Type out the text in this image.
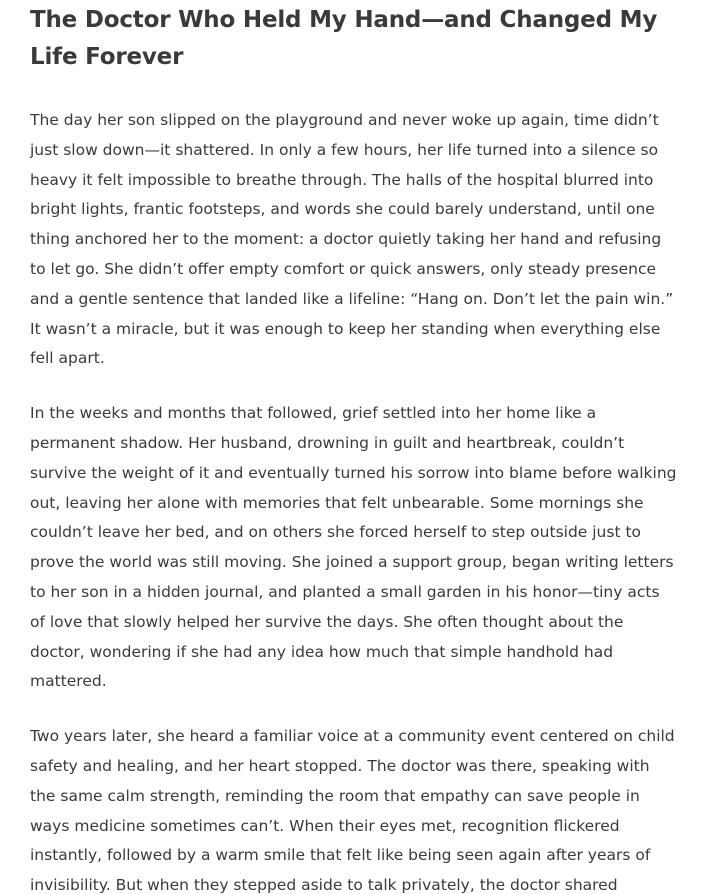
The Doctor Who Held My Hand—and Changed My Life Forever

The day her son slipped on the playground and never woke up again, time didn’t just slow down—it shattered. In only a few hours, her life turned into a silence so heavy it felt impossible to breathe through. The halls of the hospital blurred into bright lights, frantic footsteps, and words she could barely understand, until one thing anchored her to the moment: a doctor quietly taking her hand and refusing to let go. She didn’t offer empty comfort or quick answers, only steady presence and a gentle sentence that landed like a lifeline: “Hang on. Don’t let the pain win.” It wasn’t a miracle, but it was enough to keep her standing when everything else fell apart.

In the weeks and months that followed, grief settled into her home like a permanent shadow. Her husband, drowning in guilt and heartbreak, couldn’t survive the weight of it and eventually turned his sorrow into blame before walking out, leaving her alone with memories that felt unbearable. Some mornings she couldn’t leave her bed, and on others she forced herself to step outside just to prove the world was still moving. She joined a support group, began writing letters to her son in a hidden journal, and planted a small garden in his honor—tiny acts of love that slowly helped her survive the days. She often thought about the doctor, wondering if she had any idea how much that simple handhold had mattered.

Two years later, she heard a familiar voice at a community event centered on child safety and healing, and her heart stopped. The doctor was there, speaking with the same calm strength, reminding the room that empathy can save people in ways medicine sometimes can’t. When their eyes met, recognition flickered instantly, followed by a warm smile that felt like being seen again after years of invisibility. But when they stepped aside to talk privately, the doctor shared
